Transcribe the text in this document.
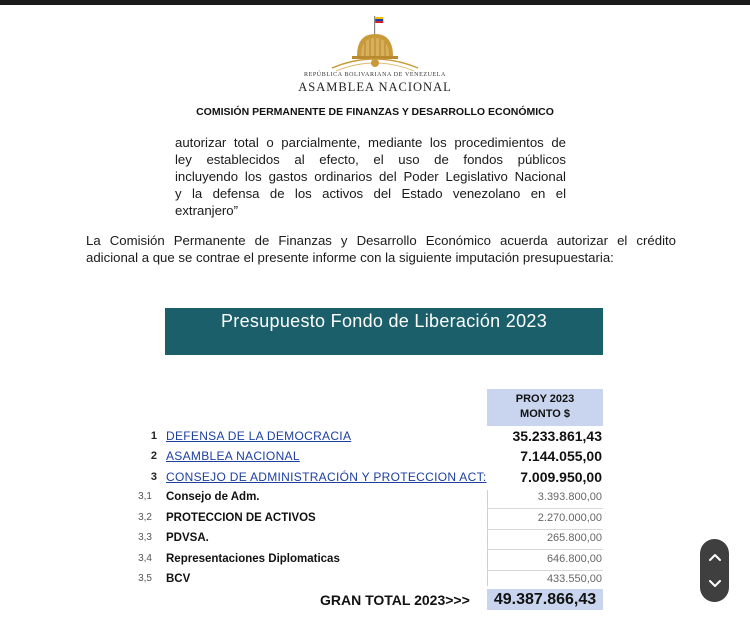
REPÚBLICA BOLIVARIANA DE VENEZUELA
ASAMBLEA NACIONAL
COMISIÓN PERMANENTE DE FINANZAS Y DESARROLLO ECONÓMICO
autorizar total o parcialmente, mediante los procedimientos de
ley establecidos al efecto, el uso de fondos públicos
incluyendo los gastos ordinarios del Poder Legislativo Nacional
y la defensa de los activos del Estado venezolano en el
extranjero”
La Comisión Permanente de Finanzas y Desarrollo Económico acuerda autorizar el crédito
adicional a que se contrae el presente informe con la siguiente imputación presupuestaria:
Presupuesto Fondo de Liberación 2023
PROY 2023
MONTO $
1 DEFENSA DE LA DEMOCRACIA	35.233.861,43
2 ASAMBLEA NACIONAL	7.144.055,00
3 CONSEJO DE ADMINISTRACIÓN Y PROTECCION ACT: 7.009.950,00
3,1 Consejo de Adm.	3.393.800,00
3,2 PROTECCION DE ACTIVOS	2.270.000,00
3,3 PDVSA.	265.800,00
3,4 Representaciones Diplomaticas	646.800,00
3,5 BCV	433.550,00
GRAN TOTAL 2023>>>	49.387.866,43
